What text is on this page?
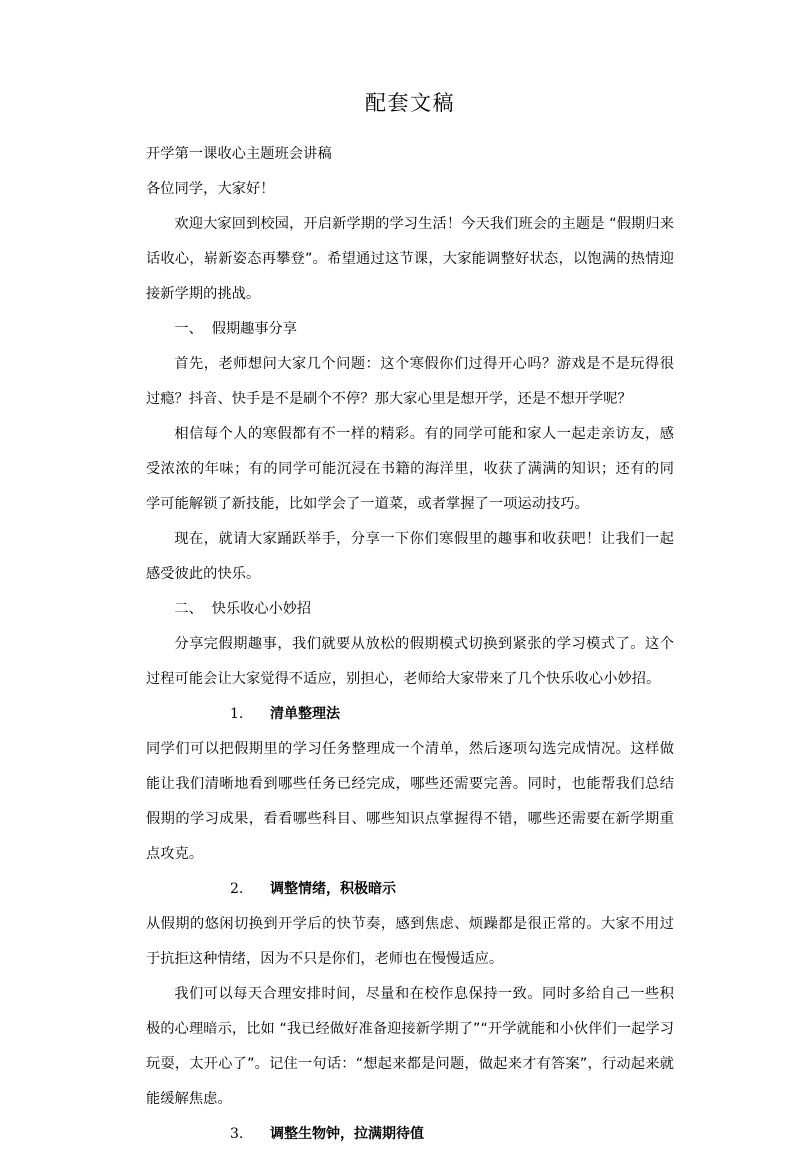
配套文稿

开学第一课收心主题班会讲稿

各位同学，大家好！

欢迎大家回到校园，开启新学期的学习生活！今天我们班会的主题是 “假期归来话收心，崭新姿态再攀登”。希望通过这节课，大家能调整好状态，以饱满的热情迎接新学期的挑战。

一、 假期趣事分享

首先，老师想问大家几个问题：这个寒假你们过得开心吗？游戏是不是玩得很过瘾？抖音、快手是不是刷个不停？那大家心里是想开学，还是不想开学呢？

相信每个人的寒假都有不一样的精彩。有的同学可能和家人一起走亲访友，感受浓浓的年味；有的同学可能沉浸在书籍的海洋里，收获了满满的知识；还有的同学可能解锁了新技能，比如学会了一道菜，或者掌握了一项运动技巧。

现在，就请大家踊跃举手，分享一下你们寒假里的趣事和收获吧！让我们一起感受彼此的快乐。

二、 快乐收心小妙招

分享完假期趣事，我们就要从放松的假期模式切换到紧张的学习模式了。这个过程可能会让大家觉得不适应，别担心，老师给大家带来了几个快乐收心小妙招。

1. 清单整理法

同学们可以把假期里的学习任务整理成一个清单，然后逐项勾选完成情况。这样做能让我们清晰地看到哪些任务已经完成，哪些还需要完善。同时，也能帮我们总结假期的学习成果，看看哪些科目、哪些知识点掌握得不错，哪些还需要在新学期重点攻克。

2. 调整情绪，积极暗示

从假期的悠闲切换到开学后的快节奏，感到焦虑、烦躁都是很正常的。大家不用过于抗拒这种情绪，因为不只是你们，老师也在慢慢适应。

我们可以每天合理安排时间，尽量和在校作息保持一致。同时多给自己一些积极的心理暗示，比如 “我已经做好准备迎接新学期了”“开学就能和小伙伴们一起学习玩耍，太开心了”。记住一句话：“想起来都是问题，做起来才有答案”，行动起来就能缓解焦虑。

3. 调整生物钟，拉满期待值
